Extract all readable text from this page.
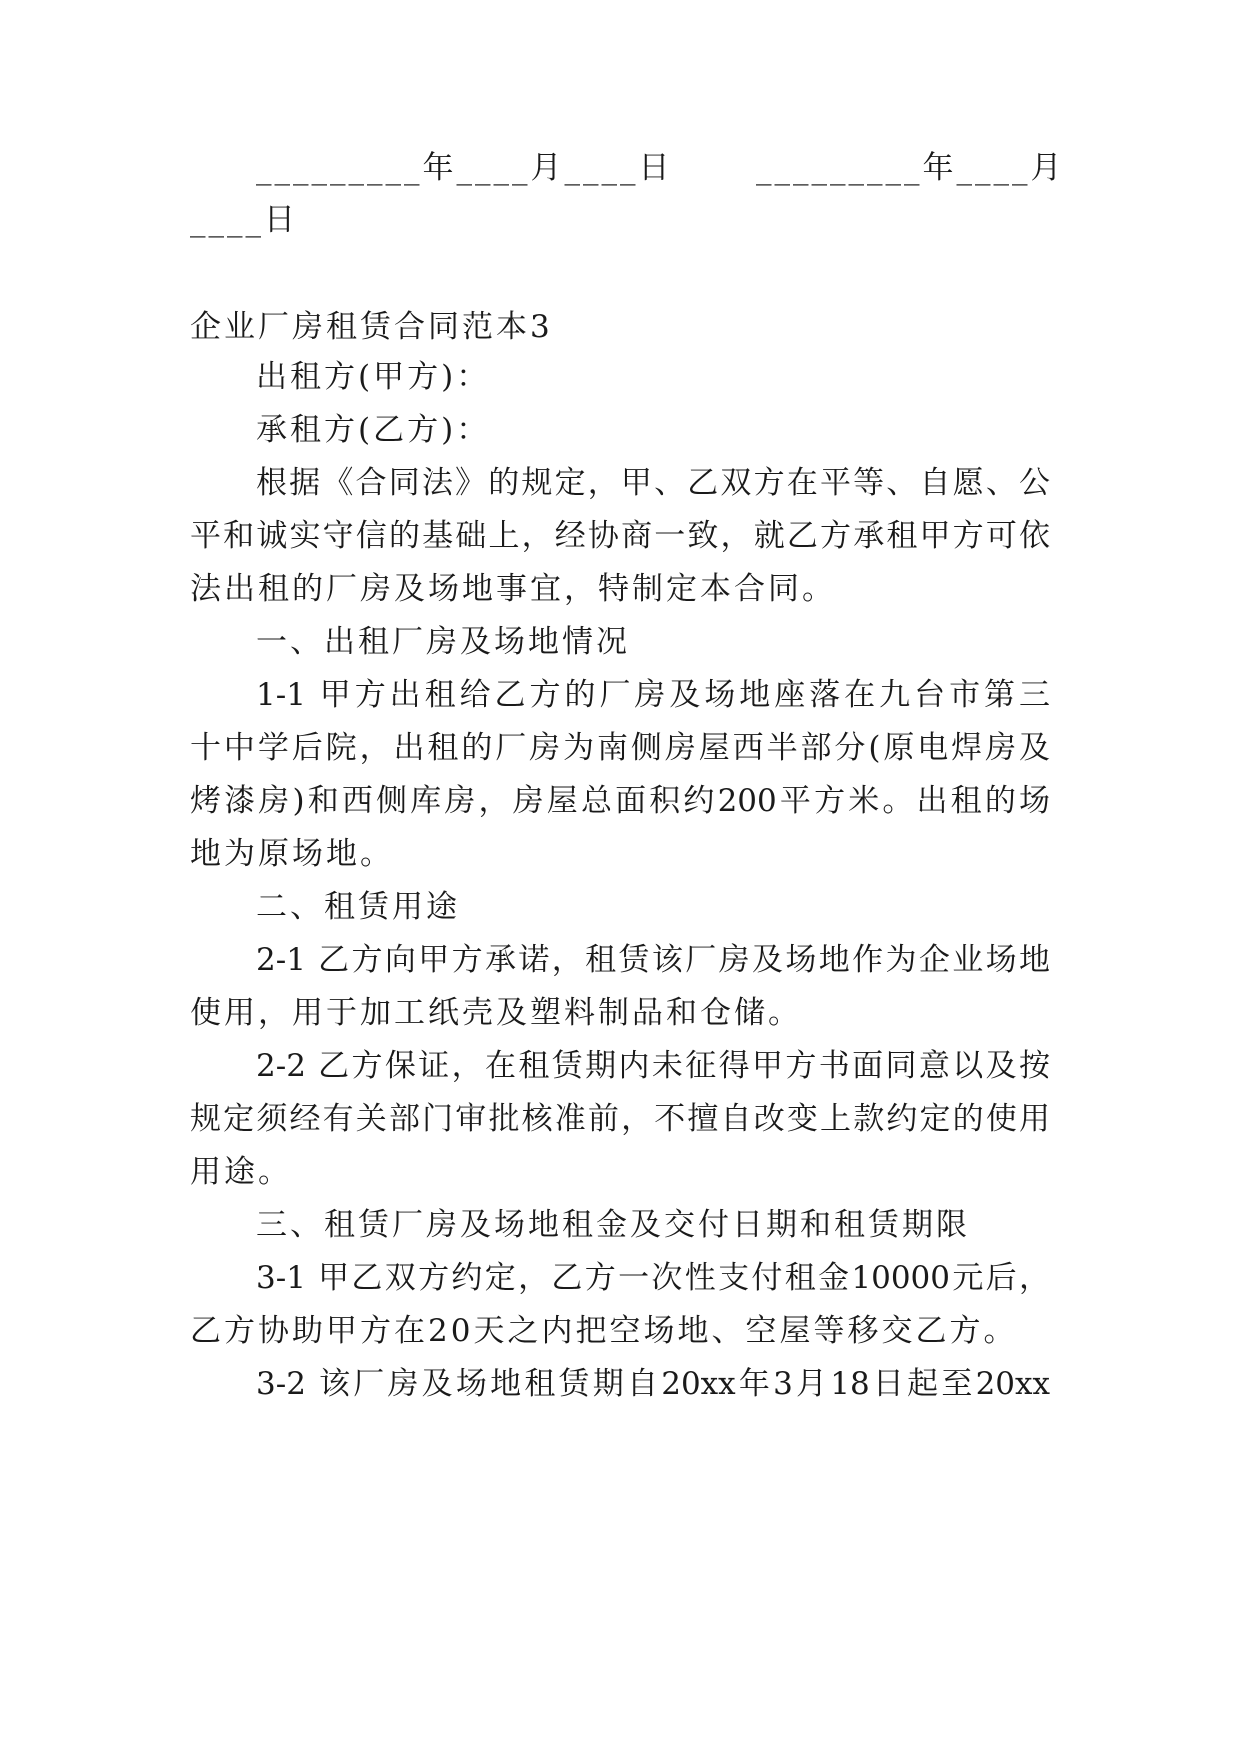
_________年____月____日	_________年____月
____日
企业厂房租赁合同范本3
出租方(甲方)：
承租方(乙方)：
根据《合同法》的规定，甲、乙双方在平等、自愿、公
平和诚实守信的基础上，经协商一致，就乙方承租甲方可依
法出租的厂房及场地事宜，特制定本合同。
一、出租厂房及场地情况
1-1 甲方出租给乙方的厂房及场地座落在九台市第三
十中学后院，出租的厂房为南侧房屋西半部分(原电焊房及
烤漆房)和西侧库房，房屋总面积约200平方米。出租的场
地为原场地。
二、租赁用途
2-1 乙方向甲方承诺，租赁该厂房及场地作为企业场地
使用，用于加工纸壳及塑料制品和仓储。
2-2 乙方保证，在租赁期内未征得甲方书面同意以及按
规定须经有关部门审批核准前，不擅自改变上款约定的使用
用途。
三、租赁厂房及场地租金及交付日期和租赁期限
3-1 甲乙双方约定，乙方一次性支付租金10000元后，
乙方协助甲方在20天之内把空场地、空屋等移交乙方。
3-2 该厂房及场地租赁期自20xx年3月18日起至20xx
